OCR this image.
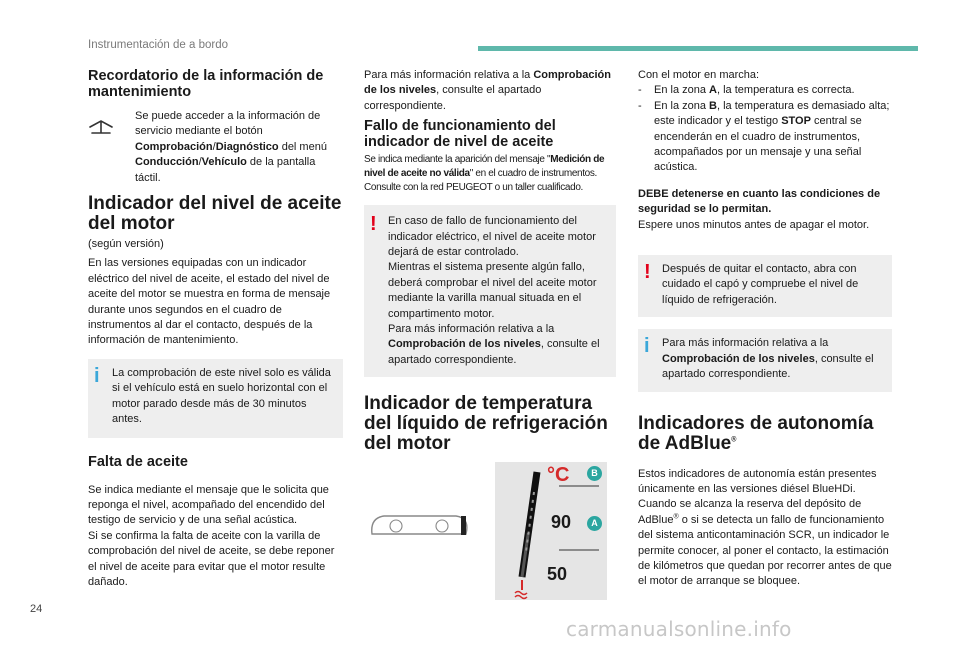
Instrumentación de a bordo
Recordatorio de la información de mantenimiento

Se puede acceder a la información de servicio mediante el botón Comprobación/Diagnóstico del menú Conducción/Vehículo de la pantalla táctil.

Indicador del nivel de aceite del motor

(según versión)

En las versiones equipadas con un indicador eléctrico del nivel de aceite, el estado del nivel de aceite del motor se muestra en forma de mensaje durante unos segundos en el cuadro de instrumentos al dar el contacto, después de la información de mantenimiento.

i	La comprobación de este nivel solo es válida si el vehículo está en suelo horizontal con el motor parado desde más de 30 minutos antes.

Falta de aceite

Se indica mediante el mensaje que le solicita que reponga el nivel, acompañado del encendido del testigo de servicio y de una señal acústica.

Si se confirma la falta de aceite con la varilla de comprobación del nivel de aceite, se debe reponer el nivel de aceite para evitar que el motor resulte dañado.

Para más información relativa a la Comprobación de los niveles, consulte el apartado correspondiente.

Fallo de funcionamiento del indicador de nivel de aceite

Se indica mediante la aparición del mensaje "Medición de nivel de aceite no válida" en el cuadro de instrumentos.

Consulte con la red PEUGEOT o un taller cualificado.

! En caso de fallo de funcionamiento del indicador eléctrico, el nivel de aceite motor dejará de estar controlado.

Mientras el sistema presente algún fallo, deberá comprobar el nivel del aceite motor mediante la varilla manual situada en el compartimento motor.

Para más información relativa a la Comprobación de los niveles, consulte el apartado correspondiente.

Indicador de temperatura del líquido de refrigeración del motor
°C
90
50
B
A

Con el motor en marcha:

- En la zona A, la temperatura es correcta.
- En la zona B, la temperatura es demasiado alta; este indicador y el testigo STOP central se encenderán en el cuadro de instrumentos, acompañados por un mensaje y una señal acústica.

DEBE detenerse en cuanto las condiciones de seguridad se lo permitan.

Espere unos minutos antes de apagar el motor.

!	Después de quitar el contacto, abra con cuidado el capó y compruebe el nivel de líquido de refrigeración.

i	Para más información relativa a la Comprobación de los niveles, consulte el apartado correspondiente.

Indicadores de autonomía de AdBlue®

Estos indicadores de autonomía están presentes únicamente en las versiones diésel BlueHDi.

Cuando se alcanza la reserva del depósito de AdBlue® o si se detecta un fallo de funcionamiento del sistema anticontaminación SCR, un indicador le permite conocer, al poner el contacto, la estimación de kilómetros que quedan por recorrer antes de que el motor de arranque se bloquee.

24
carmanualsonline.info
